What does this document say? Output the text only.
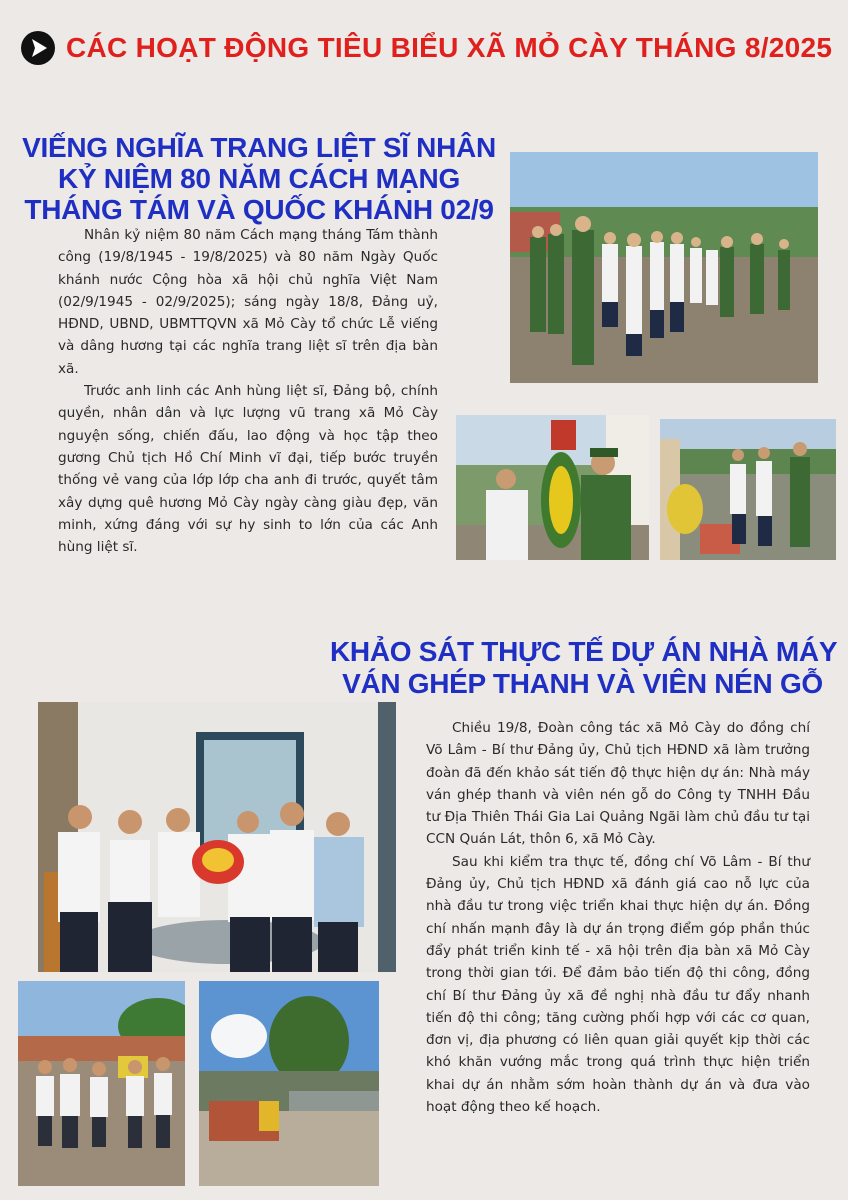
CÁC HOẠT ĐỘNG TIÊU BIỂU XÃ MỎ CÀY THÁNG 8/2025
VIẾNG NGHĨA TRANG LIỆT SĨ NHÂN
KỶ NIỆM 80 NĂM CÁCH MẠNG
THÁNG TÁM VÀ QUỐC KHÁNH 02/9

Nhân kỷ niệm 80 năm Cách mạng tháng Tám thành công (19/8/1945 - 19/8/2025) và 80 năm Ngày Quốc khánh nước Cộng hòa xã hội chủ nghĩa Việt Nam (02/9/1945 - 02/9/2025); sáng ngày 18/8, Đảng uỷ, HĐND, UBND, UBMTTQVN xã Mỏ Cày tổ chức Lễ viếng và dâng hương tại các nghĩa trang liệt sĩ trên địa bàn xã.

Trước anh linh các Anh hùng liệt sĩ, Đảng bộ, chính quyền, nhân dân và lực lượng vũ trang xã Mỏ Cày nguyện sống, chiến đấu, lao động và học tập theo gương Chủ tịch Hồ Chí Minh vĩ đại, tiếp bước truyền thống vẻ vang của lớp lớp cha anh đi trước, quyết tâm xây dựng quê hương Mỏ Cày ngày càng giàu đẹp, văn minh, xứng đáng với sự hy sinh to lớn của các Anh hùng liệt sĩ.

KHẢO SÁT THỰC TẾ DỰ ÁN NHÀ MÁY
VÁN GHÉP THANH VÀ VIÊN NÉN GỖ

Chiều 19/8, Đoàn công tác xã Mỏ Cày do đồng chí Võ Lâm - Bí thư Đảng ủy, Chủ tịch HĐND xã làm trưởng đoàn đã đến khảo sát tiến độ thực hiện dự án: Nhà máy ván ghép thanh và viên nén gỗ do Công ty TNHH Đầu tư Địa Thiên Thái Gia Lai Quảng Ngãi làm chủ đầu tư tại CCN Quán Lát, thôn 6, xã Mỏ Cày.

Sau khi kiểm tra thực tế, đồng chí Võ Lâm - Bí thư Đảng ủy, Chủ tịch HĐND xã đánh giá cao nỗ lực của nhà đầu tư trong việc triển khai thực hiện dự án. Đồng chí nhấn mạnh đây là dự án trọng điểm góp phần thúc đẩy phát triển kinh tế - xã hội trên địa bàn xã Mỏ Cày trong thời gian tới. Để đảm bảo tiến độ thi công, đồng chí Bí thư Đảng ủy xã đề nghị nhà đầu tư đẩy nhanh tiến độ thi công; tăng cường phối hợp với các cơ quan, đơn vị, địa phương có liên quan giải quyết kịp thời các khó khăn vướng mắc trong quá trình thực hiện triển khai dự án nhằm sớm hoàn thành dự án và đưa vào hoạt động theo kế hoạch.
